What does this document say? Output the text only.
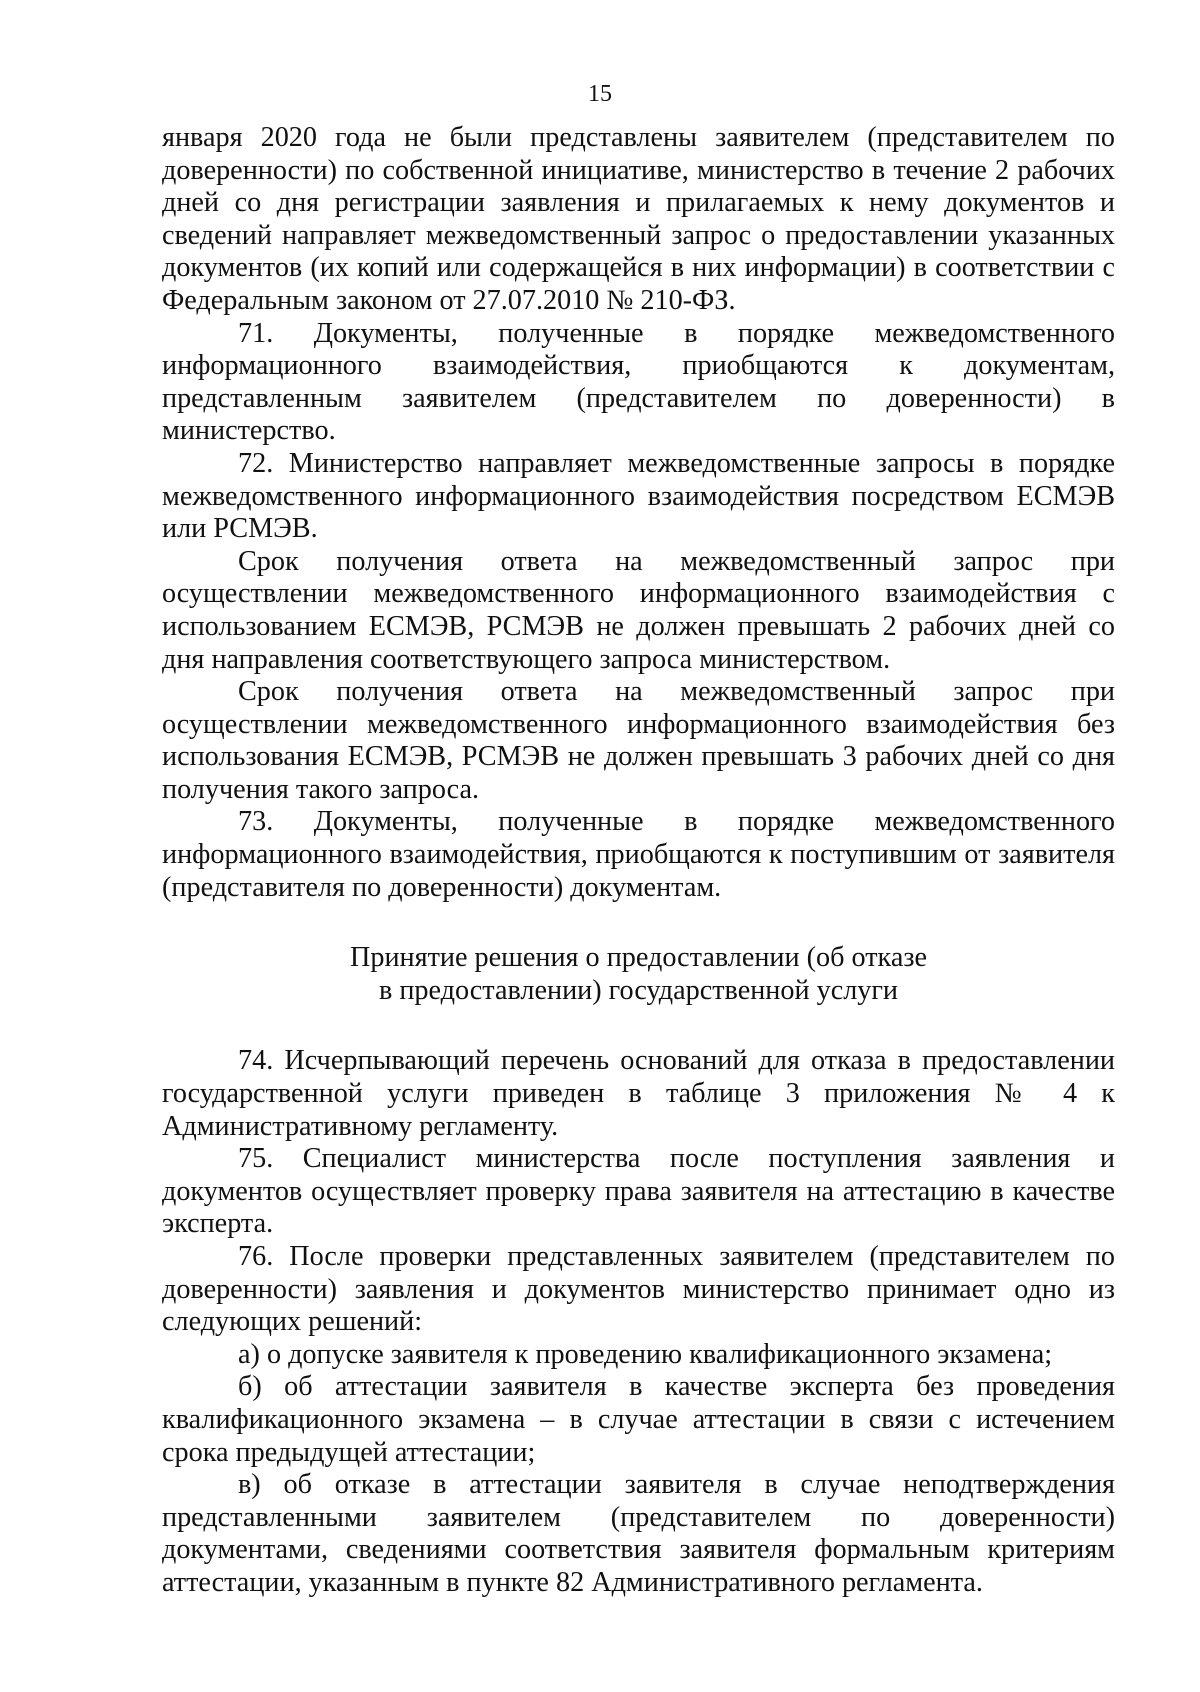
15

января 2020 года не были представлены заявителем (представителем по доверенности) по собственной инициативе, министерство в течение 2 рабочих дней со дня регистрации заявления и прилагаемых к нему документов и сведений направляет межведомственный запрос о предоставлении указанных документов (их копий или содержащейся в них информации) в соответствии с Федеральным законом от 27.07.2010 № 210-ФЗ.

71. Документы, полученные в порядке межведомственного информационного взаимодействия, приобщаются к документам, представленным заявителем (представителем по доверенности) в министерство.

72. Министерство направляет межведомственные запросы в порядке межведомственного информационного взаимодействия посредством ЕСМЭВ или РСМЭВ.

Срок получения ответа на межведомственный запрос при осуществлении межведомственного информационного взаимодействия с использованием ЕСМЭВ, РСМЭВ не должен превышать 2 рабочих дней со дня направления соответствующего запроса министерством.

Срок получения ответа на межведомственный запрос при осуществлении межведомственного информационного взаимодействия без использования ЕСМЭВ, РСМЭВ не должен превышать 3 рабочих дней со дня получения такого запроса.

73. Документы, полученные в порядке межведомственного информационного взаимодействия, приобщаются к поступившим от заявителя (представителя по доверенности) документам.

Принятие решения о предоставлении (об отказе
в предоставлении) государственной услуги

74. Исчерпывающий перечень оснований для отказа в предоставлении государственной услуги приведен в таблице 3 приложения № 4 к Административному регламенту.

75. Специалист министерства после поступления заявления и документов осуществляет проверку права заявителя на аттестацию в качестве эксперта.

76. После проверки представленных заявителем (представителем по доверенности) заявления и документов министерство принимает одно из следующих решений:

а) о допуске заявителя к проведению квалификационного экзамена;

б) об аттестации заявителя в качестве эксперта без проведения квалификационного экзамена – в случае аттестации в связи с истечением срока предыдущей аттестации;

в) об отказе в аттестации заявителя в случае неподтверждения представленными заявителем (представителем по доверенности) документами, сведениями соответствия заявителя формальным критериям аттестации, указанным в пункте 82 Административного регламента.
